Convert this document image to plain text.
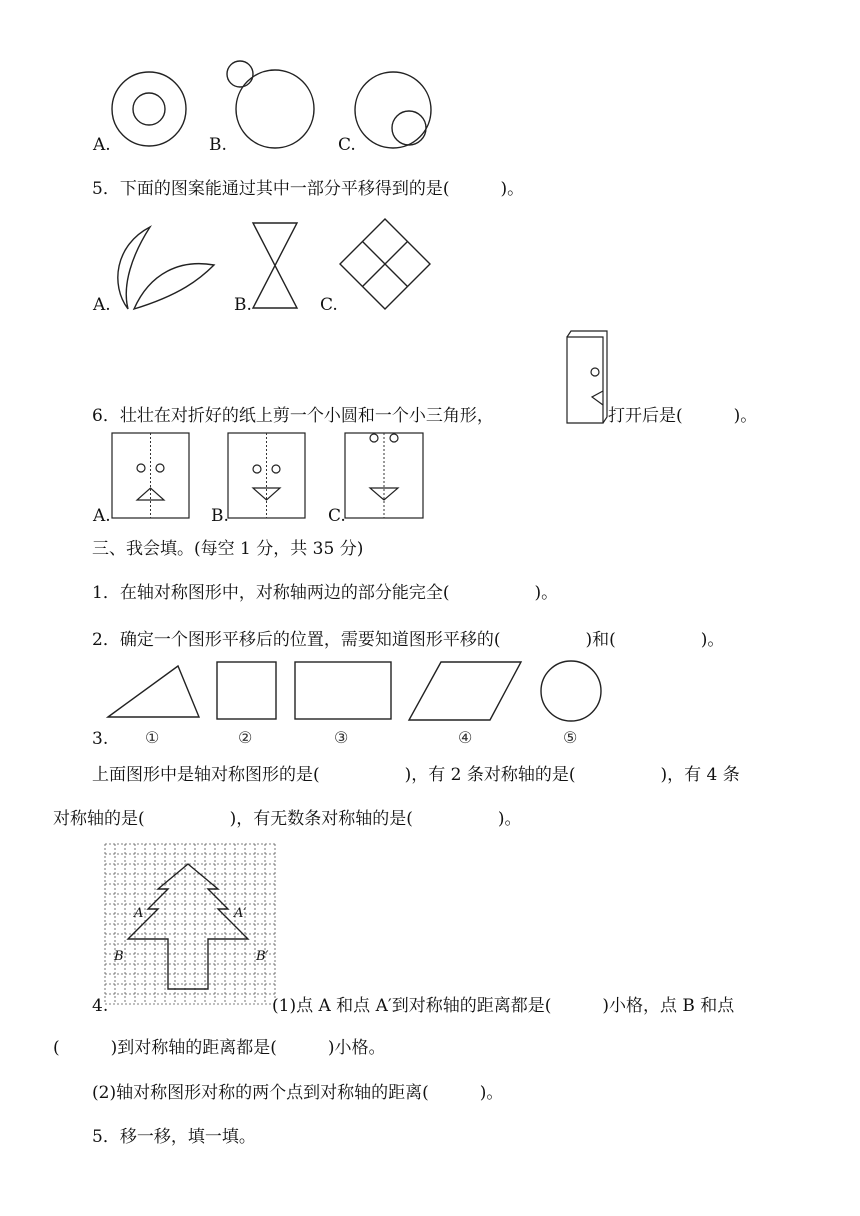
A.	B.	C.
5．下面的图案能通过其中一部分平移得到的是(　　　)。
A.	B.	C.
6．壮壮在对折好的纸上剪一个小圆和一个小三角形，	打开后是(　　　)。
A.	B.	C.
三、我会填。(每空 1 分，共 35 分)
1．在轴对称图形中，对称轴两边的部分能完全(　　　　　)。
2．确定一个图形平移后的位置，需要知道图形平移的(　　　　　)和(　　　　　)。
3. ①	②	③	④	⑤
上面图形中是轴对称图形的是(　　　　　)，有 2 条对称轴的是(　　　　　)，有 4 条
对称轴的是(　　　　　)，有无数条对称轴的是(　　　　　)。
A	A′
B	B′
4.	(1)点 A 和点 A′到对称轴的距离都是(　　　)小格，点 B 和点
(　　　)到对称轴的距离都是(　　　)小格。
(2)轴对称图形对称的两个点到对称轴的距离(　　　)。
5．移一移，填一填。
